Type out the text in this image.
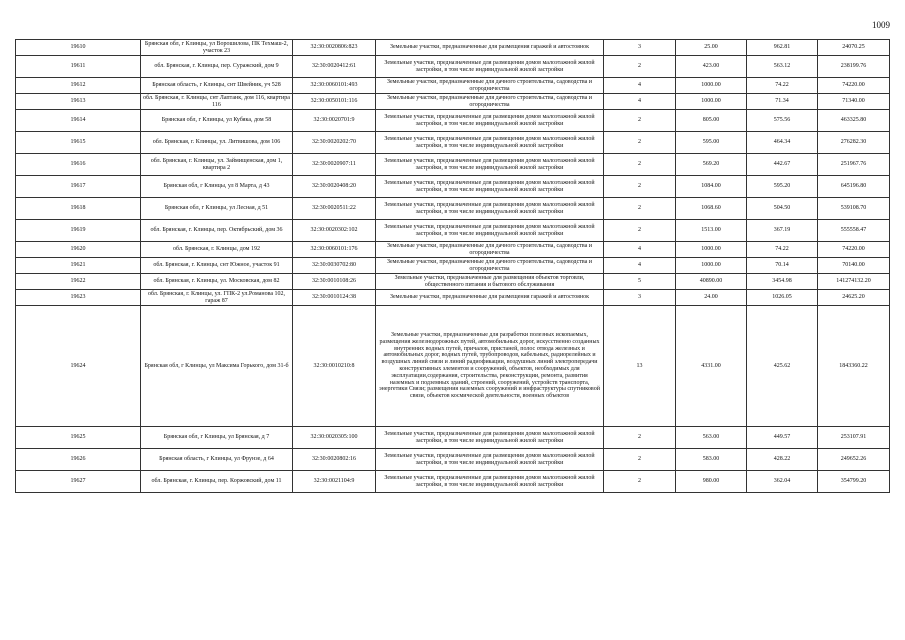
1009
19610	Брянская обл, г Клинцы, ул Ворошилова, ПК Техмаш-2, участок 23	32:30:0020806:823	Земельные участки, предназначенные для размещения гаражей и автостоянок	3	25.00	962.81	24070.25
19611	обл. Брянская, г. Клинцы, пер. Суражский, дом 9	32:30:0020412:61	Земельные участки, предназначенные для размещения домов малоэтажной жилой застройки, в том числе индивидуальной жилой застройки	2	423.00	563.12	238199.76
19612	Брянская область, г Клинцы, снт Швейник, уч 528	32:30:0060101:493	Земельные участки, предназначенные для дачного строительства, садоводства и огородничества	4	1000.00	74.22	74220.00
19613	обл. Брянская, г. Клинцы, снт Лаптанк, дом 116, квартира 116	32:30:0050101:116	Земельные участки, предназначенные для дачного строительства, садоводства и огородничества	4	1000.00	71.34	71340.00
19614	Брянская обл, г Клинцы, ул Кубяка, дом 58	32:30:0020701:9	Земельные участки, предназначенные для размещения домов малоэтажной жилой застройки, в том числе индивидуальной жилой застройки	2	805.00	575.56	463325.80
19615	обл. Брянская, г. Клинцы, ул. Литвишова, дом 106	32:30:0020202:70	Земельные участки, предназначенные для размещения домов малоэтажной жилой застройки, в том числе индивидуальной жилой застройки	2	595.00	464.34	276282.30
19616	обл. Брянская, г. Клинцы, ул. Займищенская, дом 1, квартира 2	32:30:0020907:11	Земельные участки, предназначенные для размещения домов малоэтажной жилой застройки, в том числе индивидуальной жилой застройки	2	569.20	442.67	251967.76
19617	Брянская обл, г Клинцы, ул 8 Марта, д 43	32:30:0020408:20	Земельные участки, предназначенные для размещения домов малоэтажной жилой застройки, в том числе индивидуальной жилой застройки	2	1084.00	595.20	645196.80
19618	Брянская обл, г Клинцы, ул Лесная, д 51	32:30:0020511:22	Земельные участки, предназначенные для размещения домов малоэтажной жилой застройки, в том числе индивидуальной жилой застройки	2	1068.60	504.50	539108.70
19619	обл. Брянская, г. Клинцы, пер. Октябрьский, дом 36	32:30:0020302:102	Земельные участки, предназначенные для размещения домов малоэтажной жилой застройки, в том числе индивидуальной жилой застройки	2	1513.00	367.19	555558.47
19620	обл. Брянская, г. Клинцы, дом 192	32:30:0060101:176	Земельные участки, предназначенные для дачного строительства, садоводства и огородничества	4	1000.00	74.22	74220.00
19621	обл. Брянская, г. Клинцы, снт Южное, участок 91	32:30:0030702:80	Земельные участки, предназначенные для дачного строительства, садоводства и огородничества	4	1000.00	70.14	70140.00
19622	обл. Брянская, г. Клинцы, ул. Московская, дом 82	32:30:0010108:26	Земельные участки, предназначенные для размещения объектов торговли, общественного питания и бытового обслуживания	5	40890.00	3454.98	141274132.20
19623	обл. Брянская, г. Клинцы, ул. ГПК-2 ул.Романова 102, гараж 87	32:30:0010124:38	Земельные участки, предназначенные для размещения гаражей и автостоянок	3	24.00	1026.05	24625.20
19624	Брянская обл, г Клинцы, ул Максима Горького, дом 31-б	32:30:0010210:8	Земельные участки, предназначенные для разработки полезных ископаемых, размещения железнодорожных путей, автомобильных дорог, искусственно созданных внутренних водных путей, причалов, пристаней, полос отвода железных и автомобильных дорог, водных путей, трубопроводов, кабельных, радиорелейных и воздушных линий связи и линий радиофикации, воздушных линий электропередачи конструктивных элементов и сооружений, объектов, необходимых для эксплуатации,содержания, строительства, реконструкции, ремонта, развития наземных и подземных зданий, строений, сооружений, устройств транспорта, энергетики Связи; размещения наземных сооружений и инфраструктуры спутниковой связи, объектов космической деятельности, военных объектов	13	4331.00	425.62	1843360.22
19625	Брянская обл, г Клинцы, ул Брянская, д 7	32:30:0020305:100	Земельные участки, предназначенные для размещения домов малоэтажной жилой застройки, в том числе индивидуальной жилой застройки	2	563.00	449.57	253107.91
19626	Брянская область, г Клинцы, ул Фрунзе, д 64	32:30:0020802:16	Земельные участки, предназначенные для размещения домов малоэтажной жилой застройки, в том числе индивидуальной жилой застройки	2	583.00	428.22	249652.26
19627	обл. Брянская, г. Клинцы, пер. Коржовский, дом 11	32:30:0021104:9	Земельные участки, предназначенные для размещения домов малоэтажной жилой застройки, в том числе индивидуальной жилой застройки	2	980.00	362.04	354799.20
